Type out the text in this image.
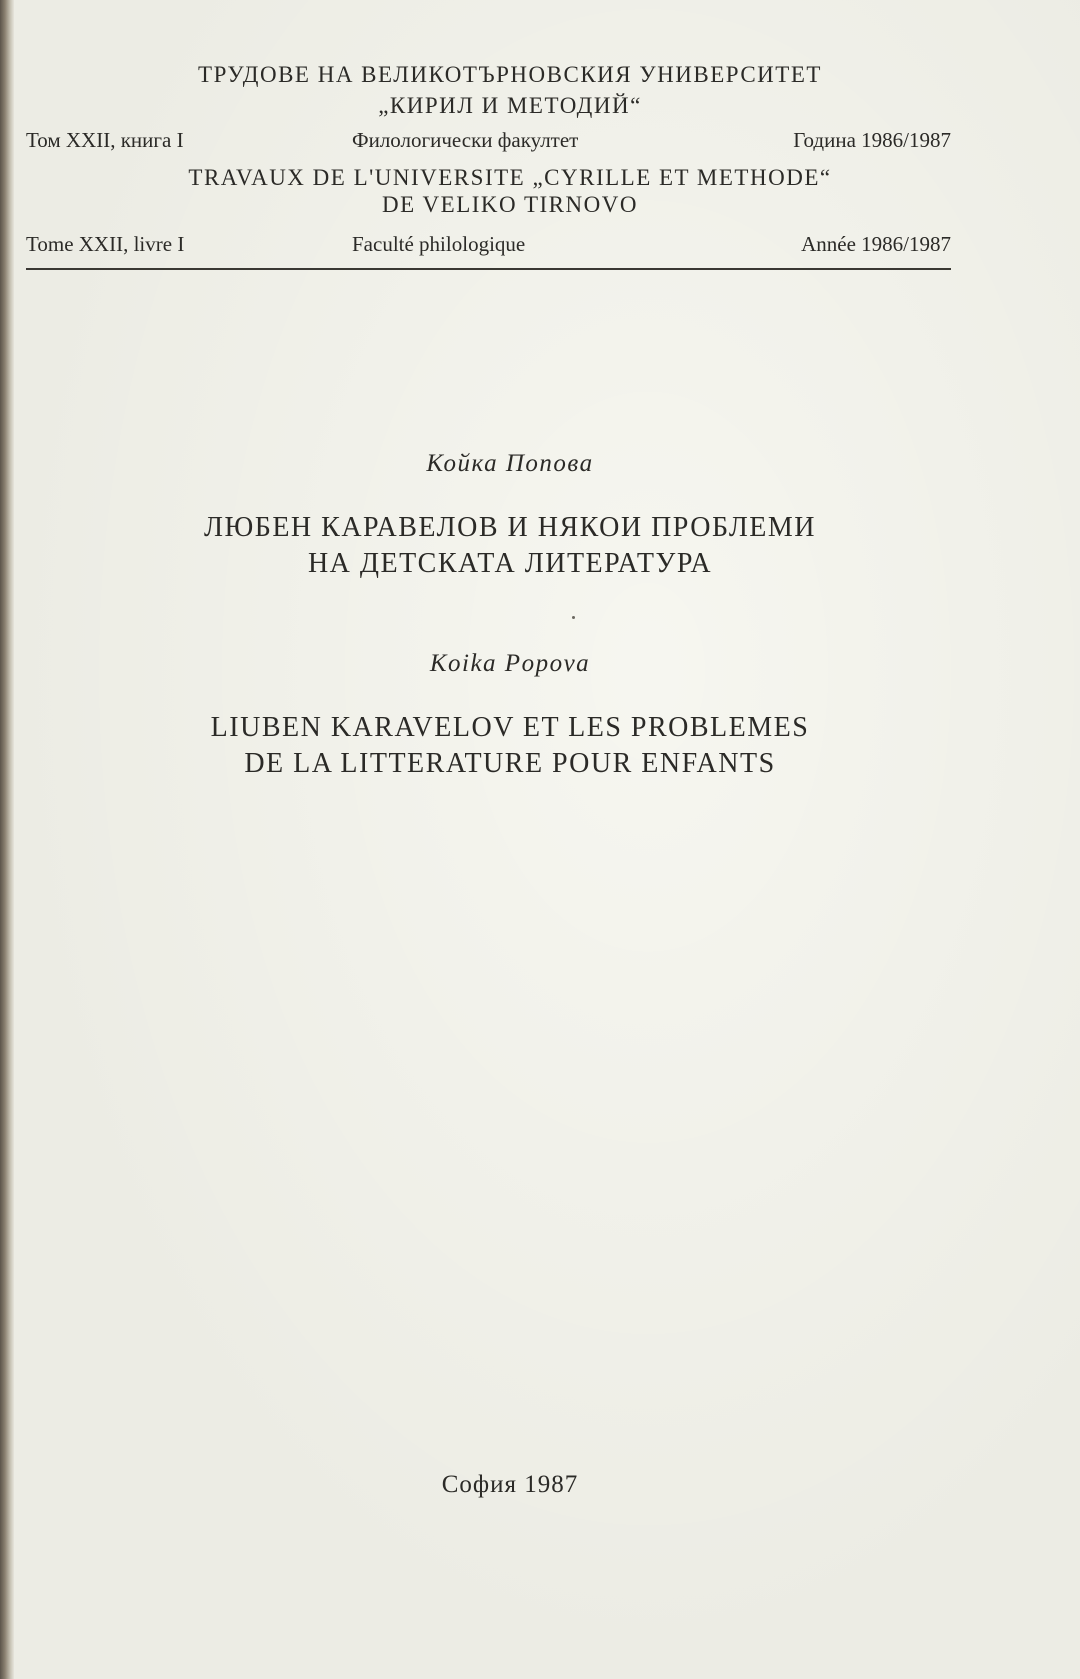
ТРУДОВЕ НА ВЕЛИКОТЪРНОВСКИЯ УНИВЕРСИТЕТ
„КИРИЛ И МЕТОДИЙ“
Том XXII, книга I	Филологически факултет	Година 1986/1987
TRAVAUX DE L'UNIVERSITE „CYRILLE ET METHODE“
DE VELIKO TIRNOVO
Tome XXII, livre I	Faculté philologique	Année 1986/1987
Койка Попова
ЛЮБЕН КАРАВЕЛОВ И НЯКОИ ПРОБЛЕМИ
НА ДЕТСКАТА ЛИТЕРАТУРА
Koika Popova
LIUBEN KARAVELOV ET LES PROBLEMES
DE LA LITTERATURE POUR ENFANTS
София 1987
